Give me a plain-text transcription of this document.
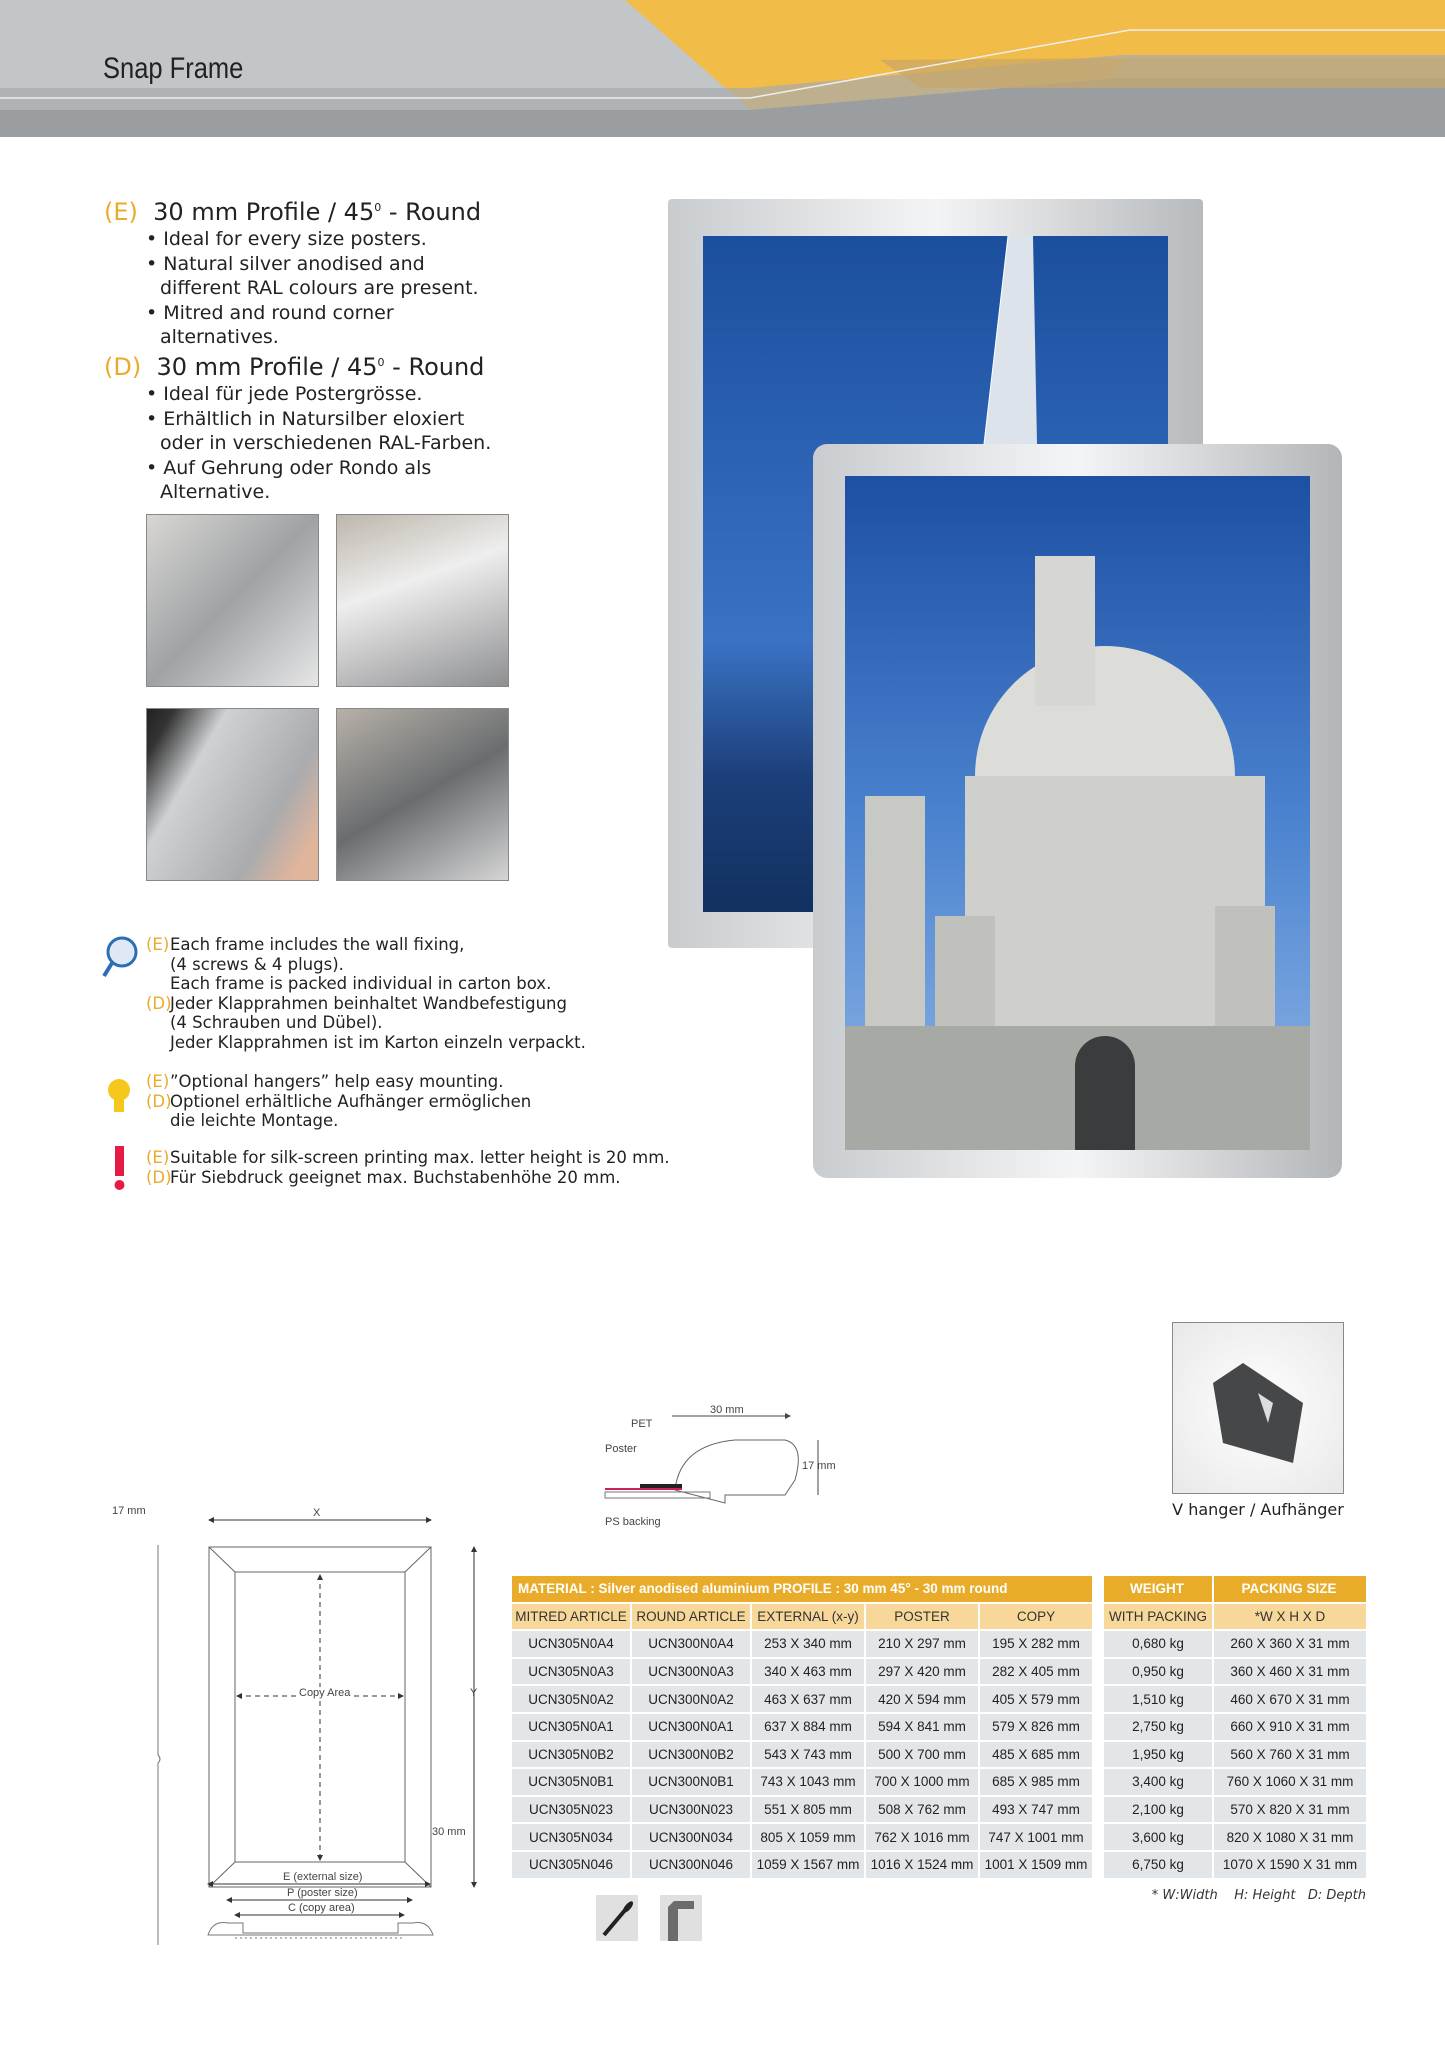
Snap Frame
(E) 30 mm Profile / $45^0$ - Round
• Ideal for every size posters.
• Natural silver anodised and different RAL colours are present.
• Mitred and round corner alternatives.
(D) 30 mm Profile / $45^0$ - Round
• Ideal für jede Postergrösse.
• Erhältlich in Natursilber eloxiert oder in verschiedenen RAL-Farben.
• Auf Gehrung oder Rondo als Alternative.
(E) Each frame includes the wall fixing,
(4 screws & 4 plugs).
Each frame is packed individual in carton box.
(D)
Jeder Klapprahmen beinhaltet Wandbefestigung
(4 Schrauben und Dübel).
Jeder Klapprahmen ist im Karton einzeln verpackt.
(E) ”Optional hangers” help easy mounting.
(D)
Optionel erhältliche Aufhänger ermöglichen
die leichte Montage.
(E) Suitable for silk-screen printing max. letter height is 20 mm.
(D)
Für Siebdruck geeignet max. Buchstabenhöhe 20 mm.
V hanger / Aufhänger
30 mm
PET
Poster
17 mm
PS backing
17 mm	X
Y
Copy Area
30 mm
E (external size)
P (poster size)
C (copy area)
MATERIAL : Silver anodised aluminium PROFILE : 30 mm 45° - 30 mm round				
MITRED ARTICLE	ROUND ARTICLE	EXTERNAL (x-y)	POSTER	COPY
UCN305N0A4	UCN300N0A4	253 X 340 mm	210 X 297 mm	195 X 282 mm
UCN305N0A3	UCN300N0A3	340 X 463 mm	297 X 420 mm	282 X 405 mm
UCN305N0A2	UCN300N0A2	463 X 637 mm	420 X 594 mm	405 X 579 mm
UCN305N0A1	UCN300N0A1	637 X 884 mm	594 X 841 mm	579 X 826 mm
UCN305N0B2	UCN300N0B2	543 X 743 mm	500 X 700 mm	485 X 685 mm
UCN305N0B1	UCN300N0B1	743 X 1043 mm	700 X 1000 mm	685 X 985 mm
UCN305N023	UCN300N023	551 X 805 mm	508 X 762 mm	493 X 747 mm
UCN305N034	UCN300N034	805 X 1059 mm	762 X 1016 mm	747 X 1001 mm
UCN305N046	UCN300N046	1059 X 1567 mm	1016 X 1524 mm	1001 X 1509 mm
WEIGHT	PACKING SIZE
WITH PACKING	*W X H X D
0,680 kg	260 X 360 X 31 mm
0,950 kg	360 X 460 X 31 mm
1,510 kg	460 X 670 X 31 mm
2,750 kg	660 X 910 X 31 mm
1,950 kg	560 X 760 X 31 mm
3,400 kg	760 X 1060 X 31 mm
2,100 kg	570 X 820 X 31 mm
3,600 kg	820 X 1080 X 31 mm
6,750 kg	1070 X 1590 X 31 mm
* W:Width    H: Height   D: Depth
